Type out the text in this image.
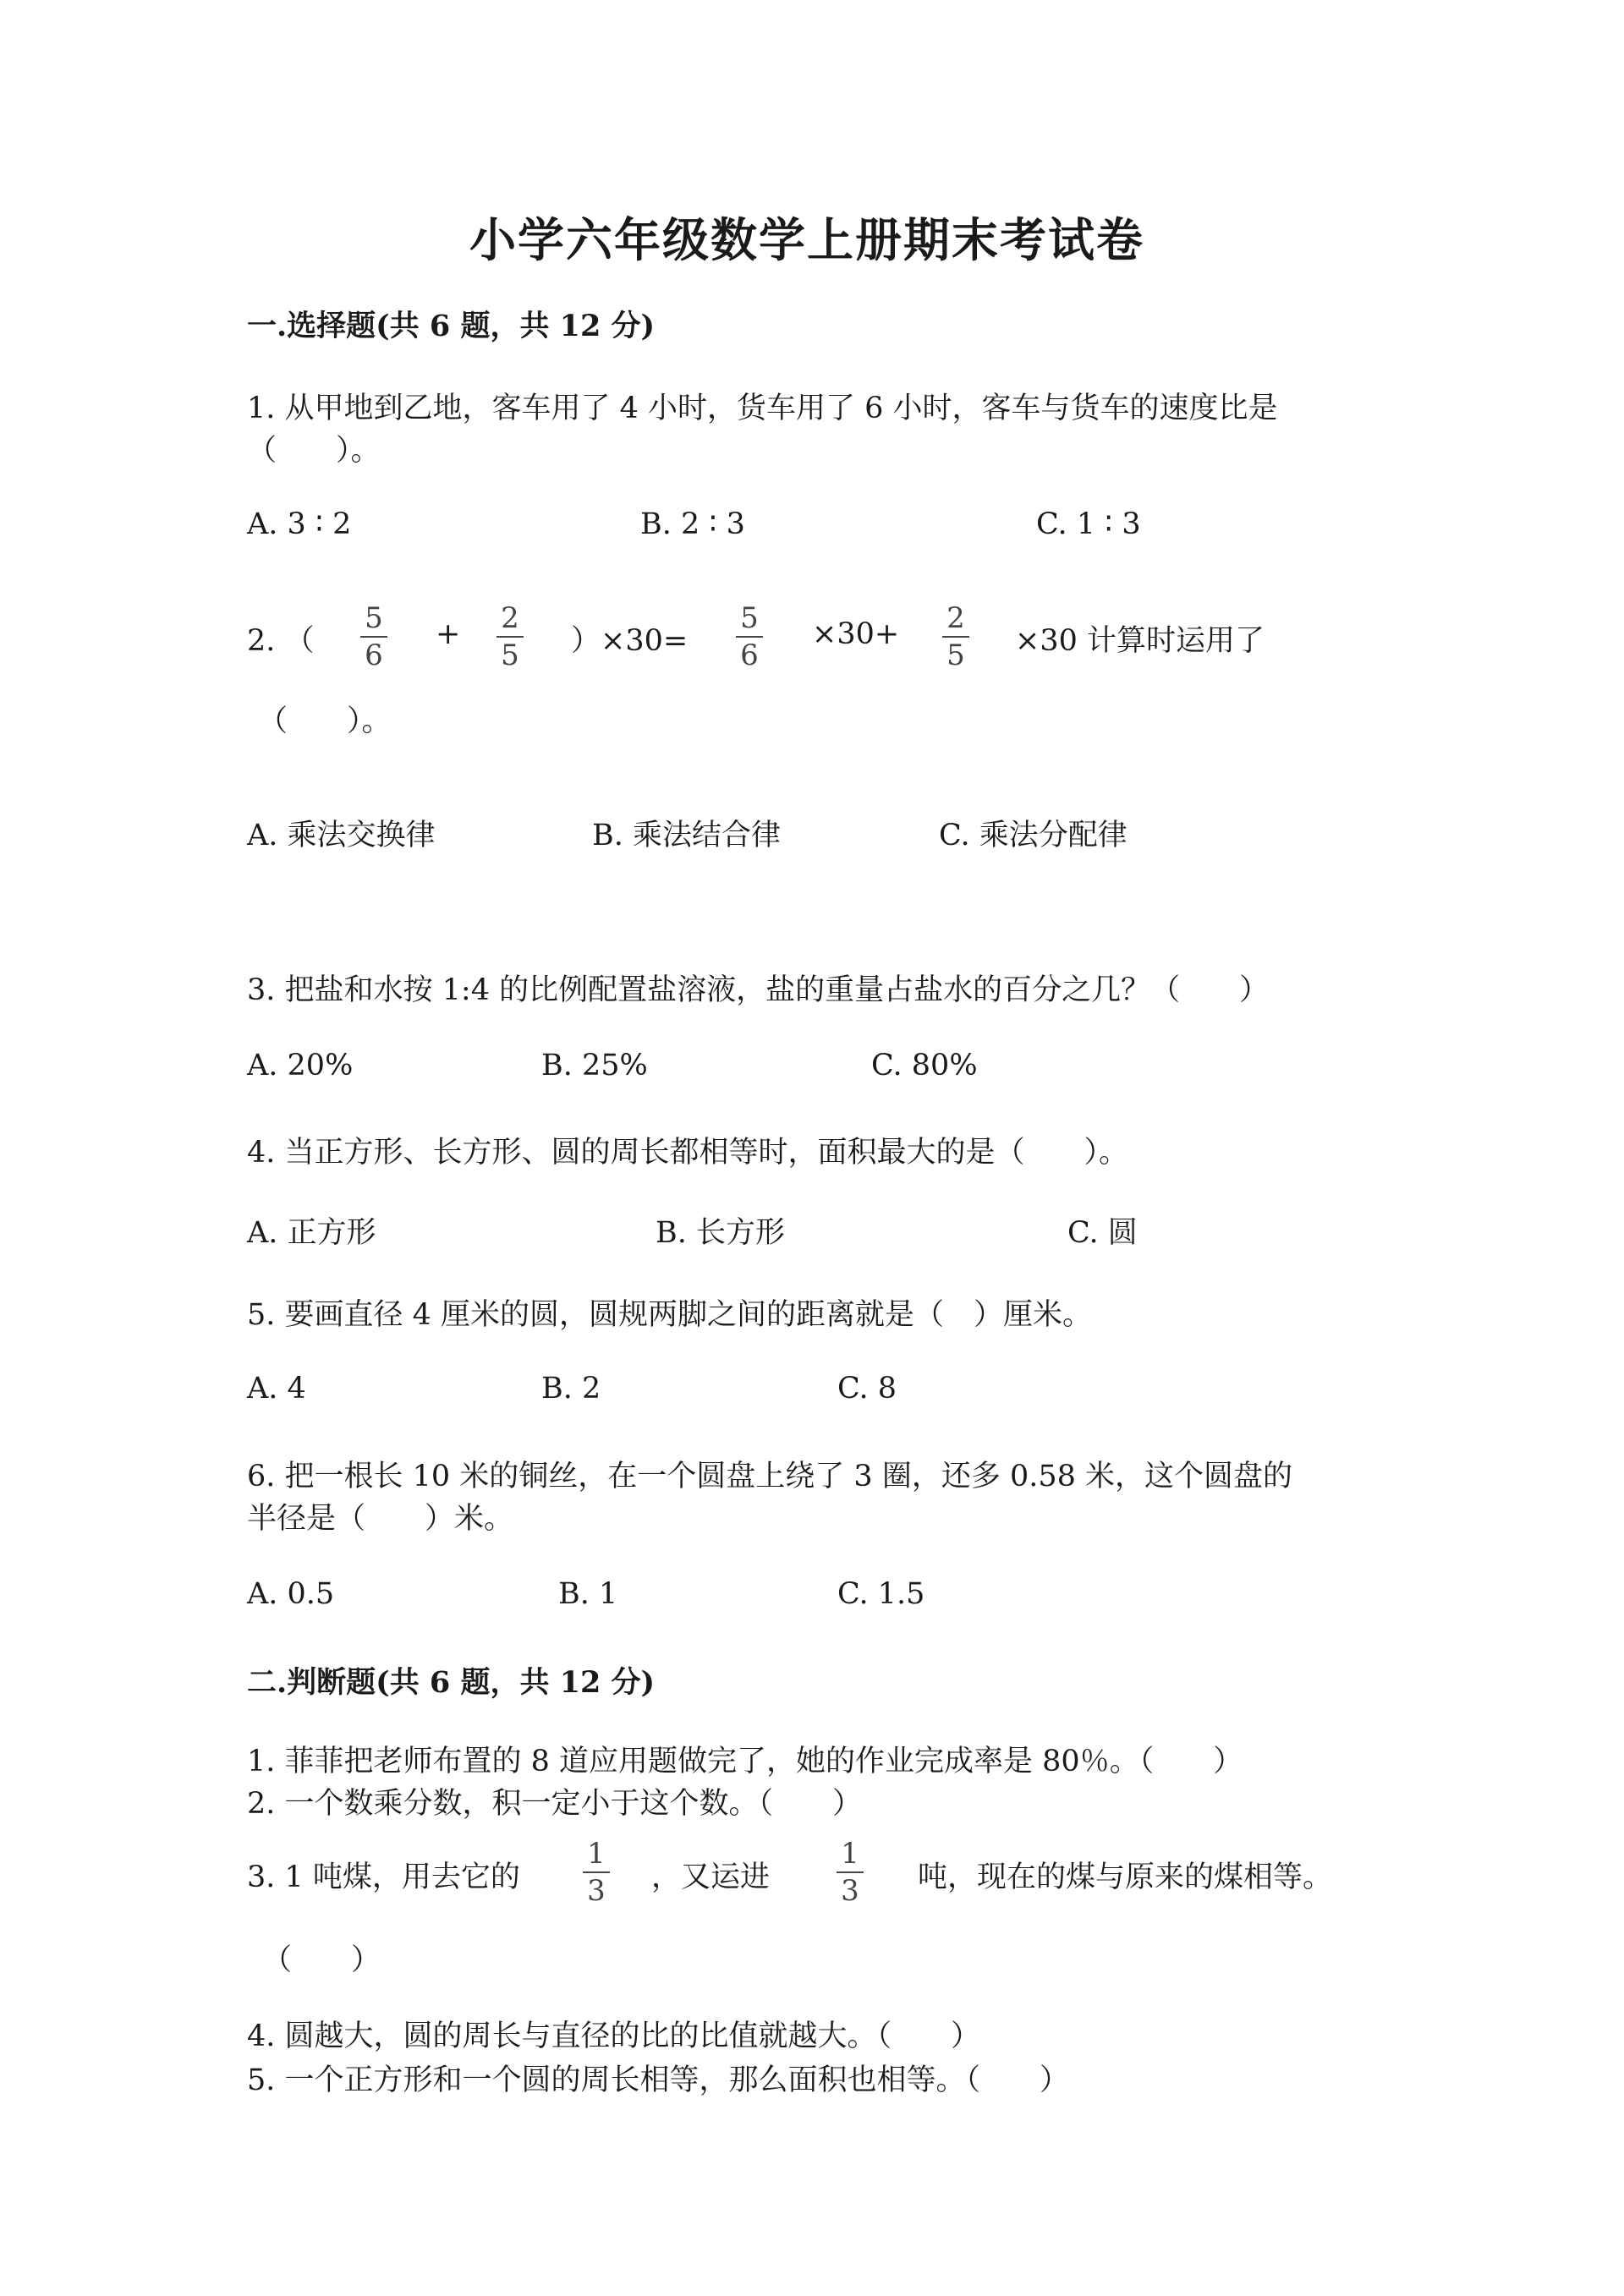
小学六年级数学上册期末考试卷
一.选择题(共 6 题，共 12 分)
1. 从甲地到乙地，客车用了 4 小时，货车用了 6 小时，客车与货车的速度比是
（　　）。
A. 3 ∶ 2	B. 2 ∶ 3	C. 1 ∶ 3
2. （
5
6
+ 2
5 ）×30=
5
6
×30+ 2
5 ×30 计算时运用了
（　　）。
A. 乘法交换律	B. 乘法结合律	C. 乘法分配律
3. 把盐和水按 1:4 的比例配置盐溶液，盐的重量占盐水的百分之几？（　　）
A. 20%	B. 25%	C. 80%
4. 当正方形、长方形、圆的周长都相等时，面积最大的是（　　）。
A. 正方形	B. 长方形	C. 圆
5. 要画直径 4 厘米的圆，圆规两脚之间的距离就是（　）厘米。
A. 4	B. 2	C. 8
6. 把一根长 10 米的铜丝，在一个圆盘上绕了 3 圈，还多 0.58 米，这个圆盘的
半径是（　　）米。
A. 0.5	B. 1	C. 1.5
二.判断题(共 6 题，共 12 分)
1. 菲菲把老师布置的 8 道应用题做完了，她的作业完成率是 80％。（　　）
2. 一个数乘分数，积一定小于这个数。（　　）
3. 1 吨煤，用去它的
1
3 ，又运进
1
3 吨，现在的煤与原来的煤相等。
（　　）
4. 圆越大，圆的周长与直径的比的比值就越大。（　　）
5. 一个正方形和一个圆的周长相等，那么面积也相等。（　　）
